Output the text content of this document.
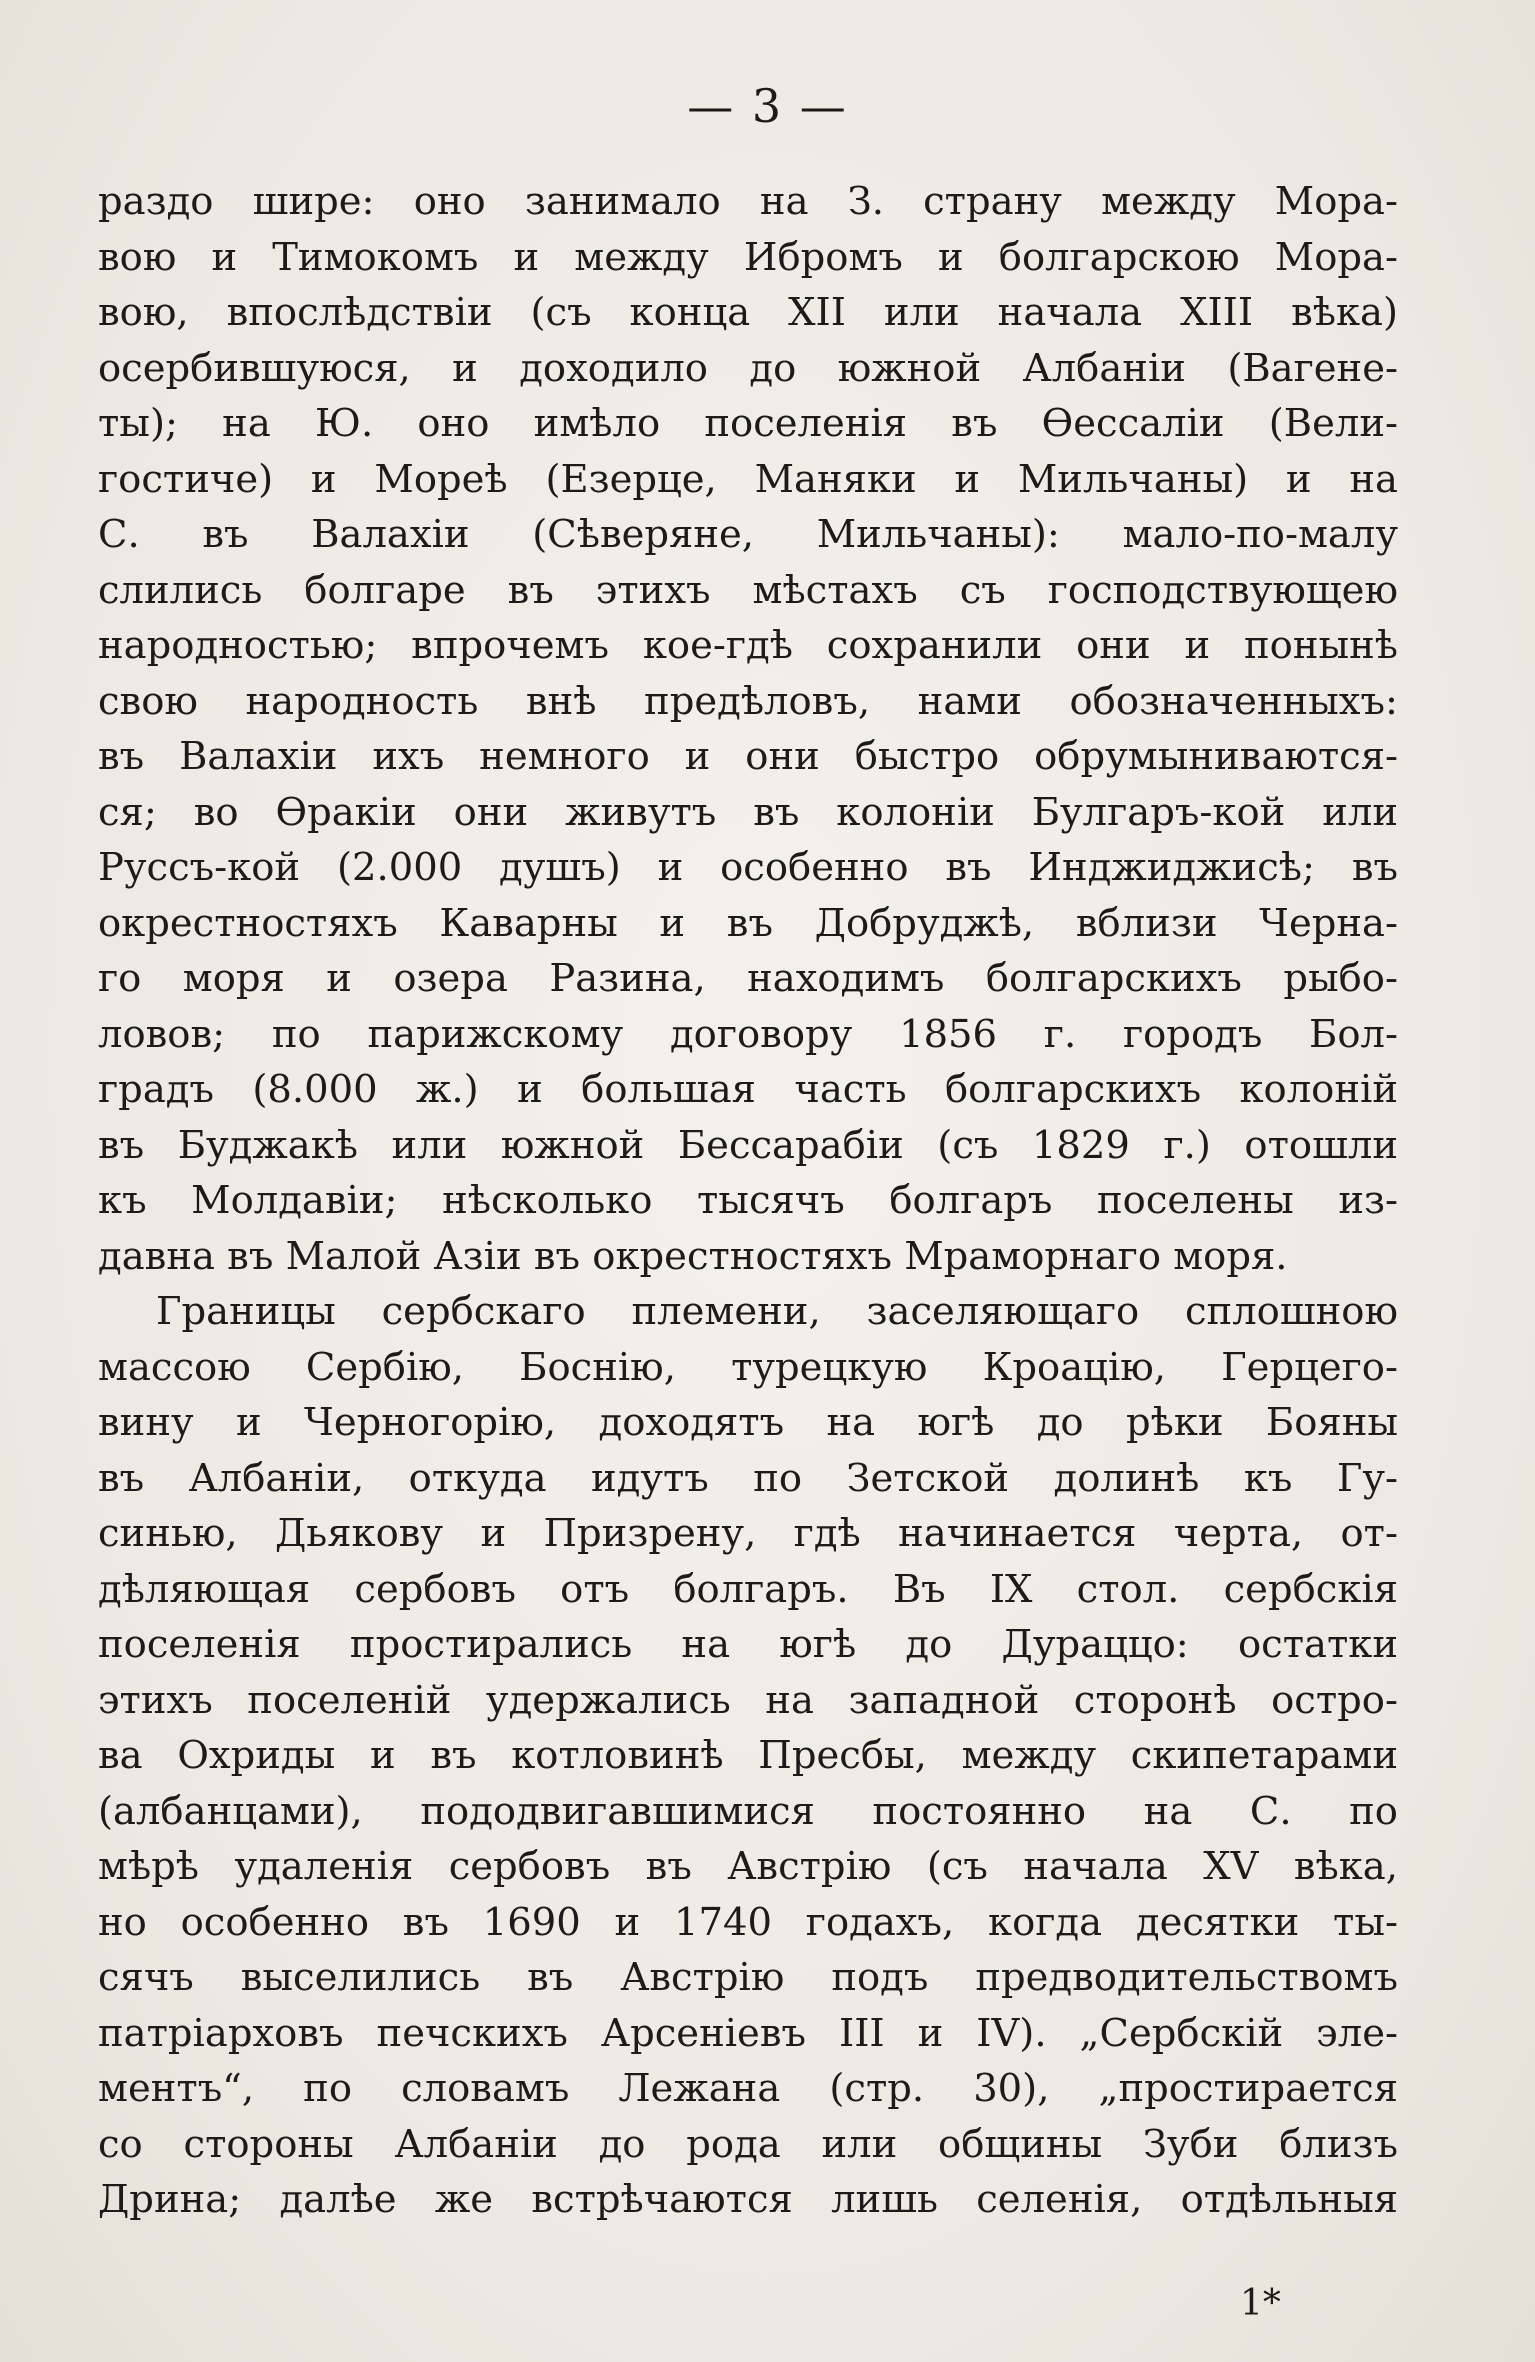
— 3 —
раздо шире: оно занимало на З. страну между Мора-
вою и Тимокомъ и между Ибромъ и болгарскою Мора-
вою, впослѣдствіи (съ конца XII или начала XIII вѣка)
осербившуюся, и доходило до южной Албаніи (Вагене-
ты); на Ю. оно имѣло поселенія въ Өессаліи (Вели-
гостиче) и Мореѣ (Езерце, Маняки и Мильчаны) и на
С. въ Валахіи (Сѣверяне, Мильчаны): мало-по-малу
слились болгаре въ этихъ мѣстахъ съ господствующею
народностью; впрочемъ кое-гдѣ сохранили они и понынѣ
свою народность внѣ предѣловъ, нами обозначенныхъ:
въ Валахіи ихъ немного и они быстро обрумыниваются-
ся; во Өракіи они живутъ въ колоніи Булгаръ-кой или
Руссъ-кой (2.000 душъ) и особенно въ Инджиджисѣ; въ
окрестностяхъ Каварны и въ Добруджѣ, вблизи Черна-
го моря и озера Разина, находимъ болгарскихъ рыбо-
ловов; по парижскому договору 1856 г. городъ Бол-
градъ (8.000 ж.) и большая часть болгарскихъ колоній
въ Буджакѣ или южной Бессарабіи (съ 1829 г.) отошли
къ Молдавіи; нѣсколько тысячъ болгаръ поселены из-
давна въ Малой Азіи въ окрестностяхъ Мраморнаго моря.
Границы сербскаго племени, заселяющаго сплошною
массою Сербію, Боснію, турецкую Кроацію, Герцего-
вину и Черногорію, доходятъ на югѣ до рѣки Бояны
въ Албаніи, откуда идутъ по Зетской долинѣ къ Гу-
синью, Дьякову и Призрену, гдѣ начинается черта, от-
дѣляющая сербовъ отъ болгаръ. Въ IX стол. сербскія
поселенія простирались на югѣ до Дураццо: остатки
этихъ поселеній удержались на западной сторонѣ остро-
ва Охриды и въ котловинѣ Пресбы, между скипетарами
(албанцами), пододвигавшимися постоянно на С. по
мѣрѣ удаленія сербовъ въ Австрію (съ начала XV вѣка,
но особенно въ 1690 и 1740 годахъ, когда десятки ты-
сячъ выселились въ Австрію подъ предводительствомъ
патріарховъ печскихъ Арсеніевъ III и IV). „Сербскій эле-
ментъ“, по словамъ Лежана (стр. 30), „простирается
со стороны Албаніи до рода или общины Зуби близъ
Дрина; далѣе же встрѣчаются лишь селенія, отдѣльныя
1*
